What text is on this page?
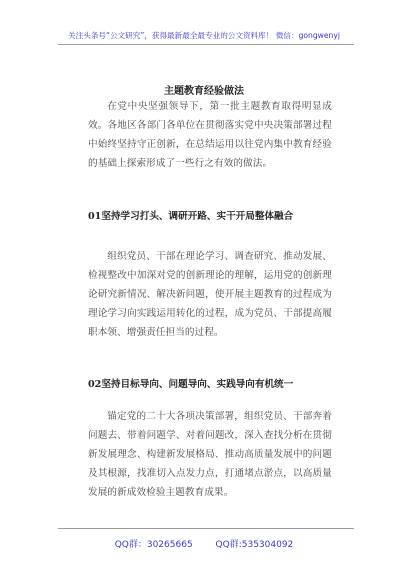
关注头条号“公文研究”，获得最新最全最专业的公文资料库！ 微信：gongwenyj
主题教育经验做法
在党中央坚强领导下，第一批主题教育取得明显成效。各地区各部门各单位在贯彻落实党中央决策部署过程中始终坚持守正创新，在总结运用以往党内集中教育经验的基础上探索形成了一些行之有效的做法。
01坚持学习打头、调研开路、实干开局整体融合
组织党员、干部在理论学习、调查研究、推动发展、检视整改中加深对党的创新理论的理解，运用党的创新理论研究新情况、解决新问题，使开展主题教育的过程成为理论学习向实践运用转化的过程，成为党员、干部提高履职本领、增强责任担当的过程。
02坚持目标导向、问题导向、实践导向有机统一
锚定党的二十大各项决策部署，组织党员、干部奔着问题去、带着问题学、对着问题改，深入查找分析在贯彻新发展理念、构建新发展格局、推动高质量发展中的问题及其根源，找准切入点发力点，打通堵点淤点，以高质量发展的新成效检验主题教育成果。
QQ群：30265665	QQ群:535304092
